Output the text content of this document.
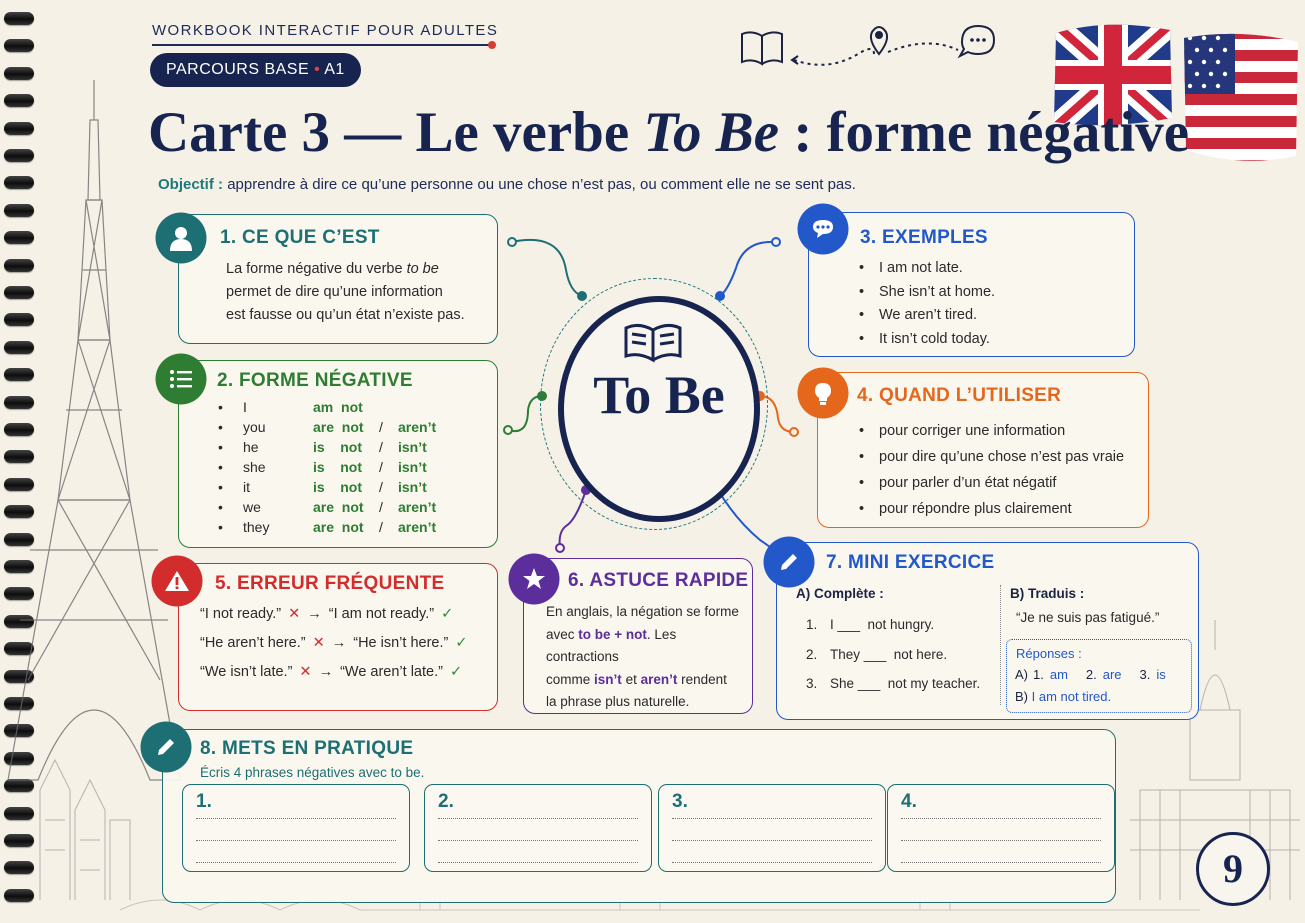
WORKBOOK INTERACTIF POUR ADULTES
PARCOURS BASE • A1
Carte 3 — Le verbe To Be : forme négative
Objectif : apprendre à dire ce qu’une personne ou une chose n’est pas, ou comment elle ne se sent pas.
To Be
1. CE QUE C’EST
La forme négative du verbe to be
permet de dire qu’une information
est fausse ou qu’un état n’existe pas.
2. FORME NÉGATIVE
• I	am  not
• you	are  not / aren’t
• he	is    not / isn’t
• she	is    not / isn’t
• it	is    not / isn’t
• we	are  not / aren’t
• they	are  not / aren’t
3. EXEMPLES
• I am not late.
• She isn’t at home.
• We aren’t tired.
• It isn’t cold today.
4. QUAND L’UTILISER
• pour corriger une information
• pour dire qu’une chose n’est pas vraie
• pour parler d’un état négatif
• pour répondre plus clairement
5. ERREUR FRÉQUENTE
“I not ready.” ✕ → “I am not ready.” ✓
“He aren’t here.” ✕ → “He isn’t here.” ✓
“We isn’t late.” ✕ → “We aren’t late.” ✓
6. ASTUCE RAPIDE
En anglais, la négation se forme
avec to be + not. Les contractions
comme isn’t et aren’t rendent
la phrase plus naturelle.
7. MINI EXERCICE
A) Complète :
1. I ___  not hungry.
2. They ___  not here.
3. She ___  not my teacher.
B) Traduis :
“Je ne suis pas fatigué.”
Réponses :
A) 1. am 2. are 3. is
B) I am not tired.
8. METS EN PRATIQUE
Écris 4 phrases négatives avec to be.
1.	2.	3.	4.
9
